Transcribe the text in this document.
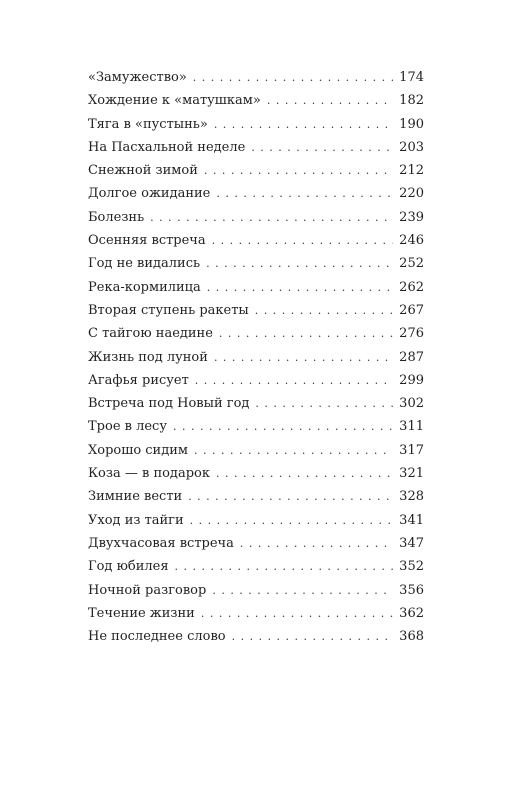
«Замужество» . . .	174
Хождение к «матушкам» . . .	182
Тяга в «пустынь» . . .	190
На Пасхальной неделе . . .	203
Снежной зимой . . .	212
Долгое ожидание . . .	220
Болезнь . . .	239
Осенняя встреча . . .	246
Год не видались . . .	252
Река-кормилица . . .	262
Вторая ступень ракеты . . .	267
С тайгою наедине . . .	276
Жизнь под луной . . .	287
Агафья рисует . . .	299
Встреча под Новый год . . .	302
Трое в лесу . . .	311
Хорошо сидим . . .	317
Коза — в подарок . . .	321
Зимние вести . . .	328
Уход из тайги . . .	341
Двухчасовая встреча . . .	347
Год юбилея . . .	352
Ночной разговор . . .	356
Течение жизни . . .	362
Не последнее слово . . .	368
